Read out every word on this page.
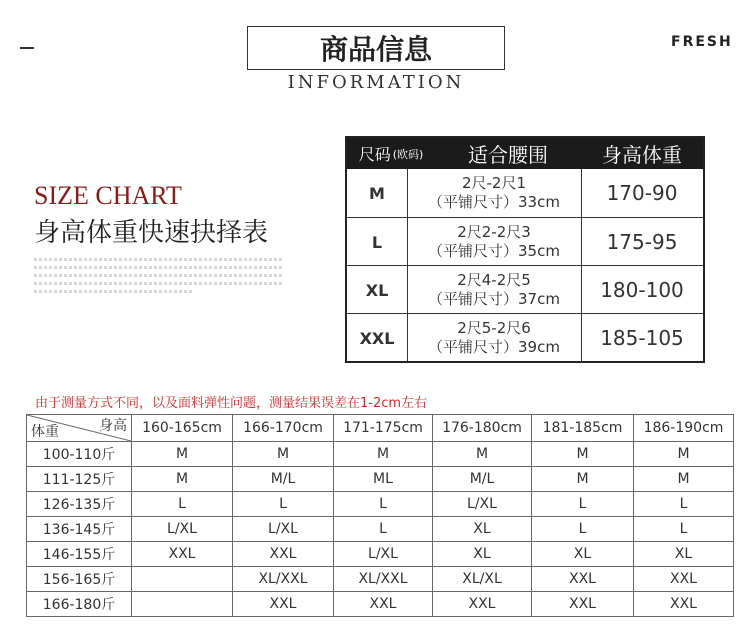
商品信息
INFORMATION
FRESH
SIZE CHART
身高体重快速抉择表
尺码 (欧码)	适合腰围	身高体重
M
2尺-2尺1
（平铺尺寸）33cm	170-90
L
2尺2-2尺3
（平铺尺寸）35cm	175-95
XL
2尺4-2尺5
（平铺尺寸）37cm	180-100
XXL
2尺5-2尺6
（平铺尺寸）39cm	185-105
由于测量方式不同，以及面料弹性问题，测量结果误差在1-2cm左右
身高
体重	160-165cm	166-170cm	171-175cm	176-180cm	181-185cm	186-190cm
100-110斤	M	M	M	M	M	M
111-125斤	M	M/L	ML	M/L	M	M
126-135斤	L	L	L	L/XL	L	L
136-145斤	L/XL	L/XL	L	XL	L	L
146-155斤	XXL	XXL	L/XL	XL	XL	XL
156-165斤		XL/XXL	XL/XXL	XL/XL	XXL	XXL
166-180斤		XXL	XXL	XXL	XXL	XXL
